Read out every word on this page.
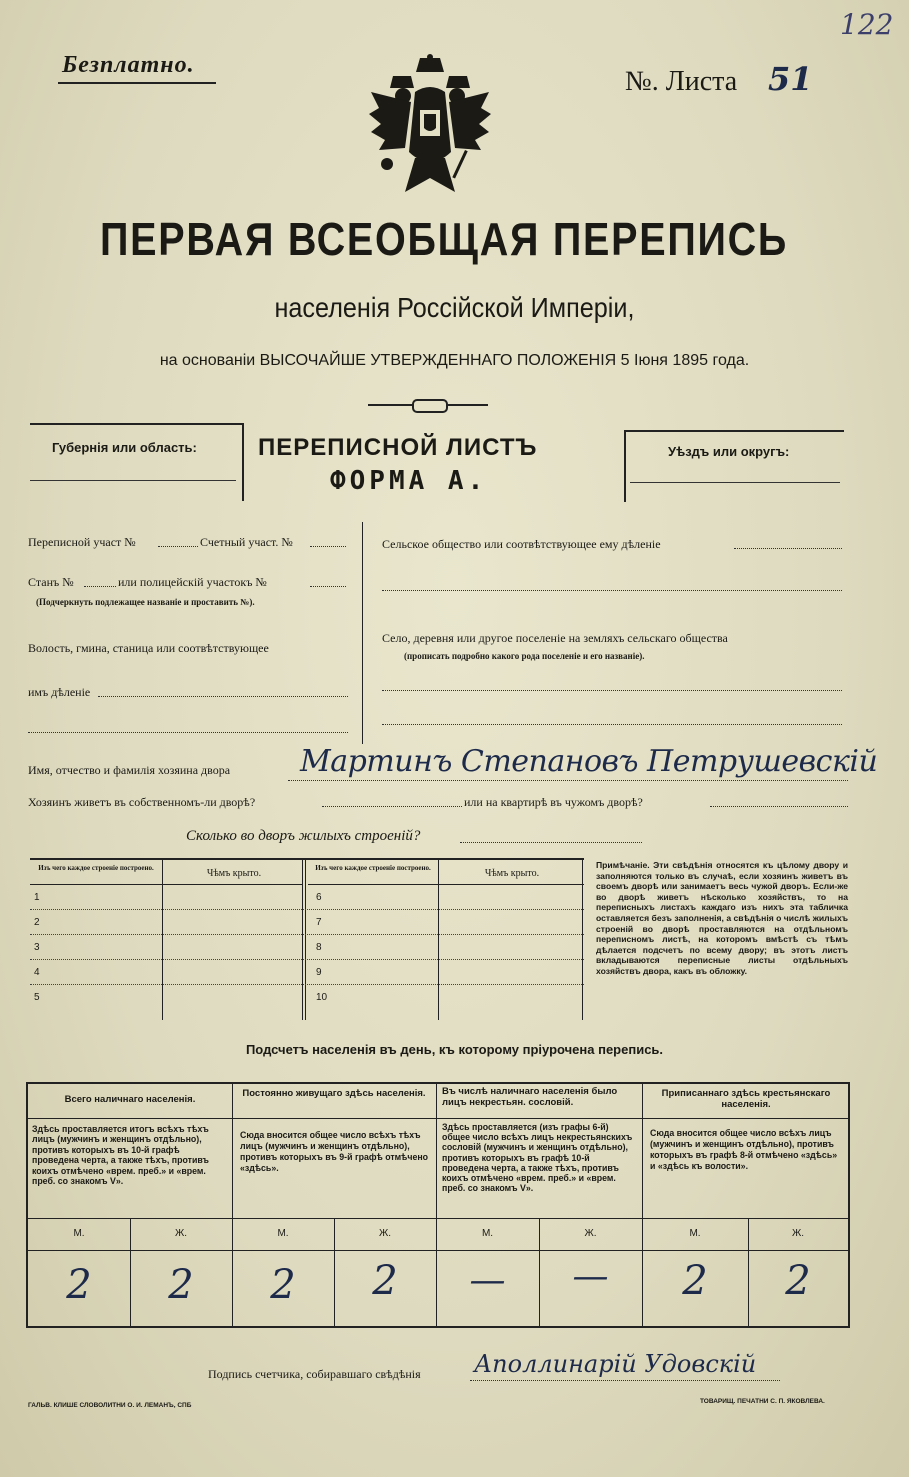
122
Безплатно.
№. Листа 51
ПЕРВАЯ ВСЕОБЩАЯ ПЕРЕПИСЬ
населенія Россійской Имперіи,
на основаніи ВЫСОЧАЙШЕ УТВЕРЖДЕННАГО ПОЛОЖЕНІЯ 5 Іюня 1895 года.
Губернія или область:	ПЕРЕПИСНОЙ ЛИСТЪ
ФОРМА А.
Уѣздъ или округъ:
Переписной участ №	Счетный участ. №
Станъ №	или полицейскій участокъ №
(Подчеркнуть подлежащее названіе и проставить №).
Волость, гмина, станица или соотвѣтствующее
имъ дѣленіе
Сельское общество или соотвѣтствующее ему дѣленіе
Село, деревня или другое поселеніе на земляхъ сельскаго общества
(прописать подробно какого рода поселеніе и его названіе).
Имя, отчество и фамилія хозяина двора Мартинъ Степановъ Петрушевскій
Хозяинъ живетъ въ собственномъ-ли дворѣ?	или на квартирѣ въ чужомъ дворѣ?
Сколько во дворъ жилыхъ строеній?
Изъ чего каждое строеніе построено.	Чѣмъ крыто.	Изъ чего каждое строеніе построено.	Чѣмъ крыто.
1
2
3
4
5
6
7
8
9
10
Примѣчаніе. Эти свѣдѣнія относятся къ цѣлому двору и заполняются только въ случаѣ, если хозяинъ живетъ въ своемъ дворѣ или занимаетъ весь чужой дворъ. Если-же во дворѣ живетъ нѣсколько хозяйствъ, то на переписныхъ листахъ каждаго изъ нихъ эта табличка оставляется безъ заполненія, а свѣдѣнія о числѣ жилыхъ строеній во дворѣ проставляются на отдѣльномъ переписномъ листѣ, на которомъ вмѣстѣ съ тѣмъ дѣлается подсчетъ по всему двору; въ этотъ листъ вкладываются переписные листы отдѣльныхъ хозяйствъ двора, какъ въ обложку.
Подсчетъ населенія въ день, къ которому пріурочена перепись.
Всего наличнаго населенія.
Здѣсь проставляется итогъ всѣхъ тѣхъ лицъ (мужчинъ и женщинъ отдѣльно), противъ которыхъ въ 10-й графѣ проведена черта, а также тѣхъ, противъ коихъ отмѣчено «врем. преб.» и «врем. преб. со знакомъ V».
Постоянно живущаго здѣсь населенія.
Сюда вносится общее число всѣхъ тѣхъ лицъ (мужчинъ и женщинъ отдѣльно), противъ которыхъ въ 9-й графѣ отмѣчено «здѣсь».
Въ числѣ наличнаго населенія было лицъ некрестьян. сословій.
Здѣсь проставляется (изъ графы 6-й) общее число всѣхъ лицъ некрестьянскихъ сословій (мужчинъ и женщинъ отдѣльно), противъ которыхъ въ графѣ 10-й проведена черта, а также тѣхъ, противъ коихъ отмѣчено «врем. преб.» и «врем. преб. со знакомъ V».
Приписаннаго здѣсь крестьянскаго населенія.
Сюда вносится общее число всѣхъ лицъ (мужчинъ и женщинъ отдѣльно), противъ которыхъ въ графѣ 8-й отмѣчено «здѣсь» и «здѣсь къ волости».
М.	Ж.	М.	Ж.	М.	Ж.	М.	Ж.
2	2	2	2	—	—	2	2
Подпись счетчика, собиравшаго свѣдѣнія Аполлинарій Удовскій
ГАЛЬВ. КЛИШЕ СЛОВОЛИТНИ О. И. ЛЕМАНЪ, СПБ
ТОВАРИЩ. ПЕЧАТНИ С. П. ЯКОВЛЕВА.
